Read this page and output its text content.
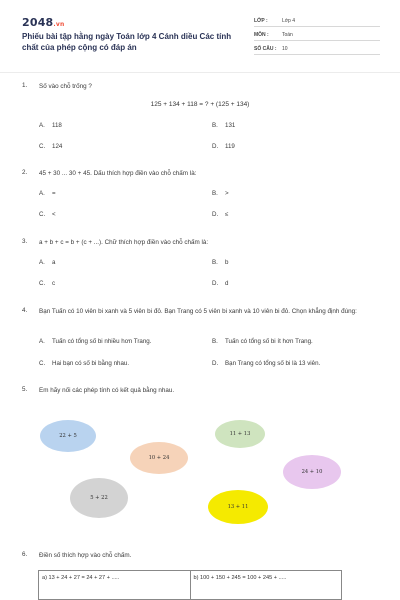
2048.vn
Phiếu bài tập hằng ngày Toán lớp 4 Cánh diều Các tính chất của phép cộng có đáp án
LỚP :	Lớp 4
MÔN :	Toán
SỐ CÂU : 10
1. Số vào chỗ trống ?
125 + 134 + 118 = ? + (125 + 134)
A. 118	B. 131
C. 124	D. 119
2. 45 + 30 ... 30 + 45. Dấu thích hợp điền vào chỗ chấm là:
A. =	B. >
C. <	D. ≤
3. a + b + c = b + (c + ...). Chữ thích hợp điền vào chỗ chấm là:
A. a	B. b
C. c	D. d
4. Bạn Tuấn có 10 viên bi xanh và 5 viên bi đỏ. Bạn Trang có 5 viên bi xanh và 10 viên bi đỏ. Chọn khẳng định đúng:
A. Tuấn có tổng số bi nhiều hơn Trang.	B. Tuấn có tổng số bi ít hơn Trang.
C. Hai bạn có số bi bằng nhau.	D. Bạn Trang có tổng số bi là 13 viên.
5. Em hãy nối các phép tính có kết quả bằng nhau.
22 + 5	11 + 13
10 + 24
24 + 10
5 + 22
13 + 11
6. Điền số thích hợp vào chỗ chấm.
a) 13 + 24 + 27 = 24 + 27 + .....	b) 100 + 150 + 245 = 100 + 245 + .....
